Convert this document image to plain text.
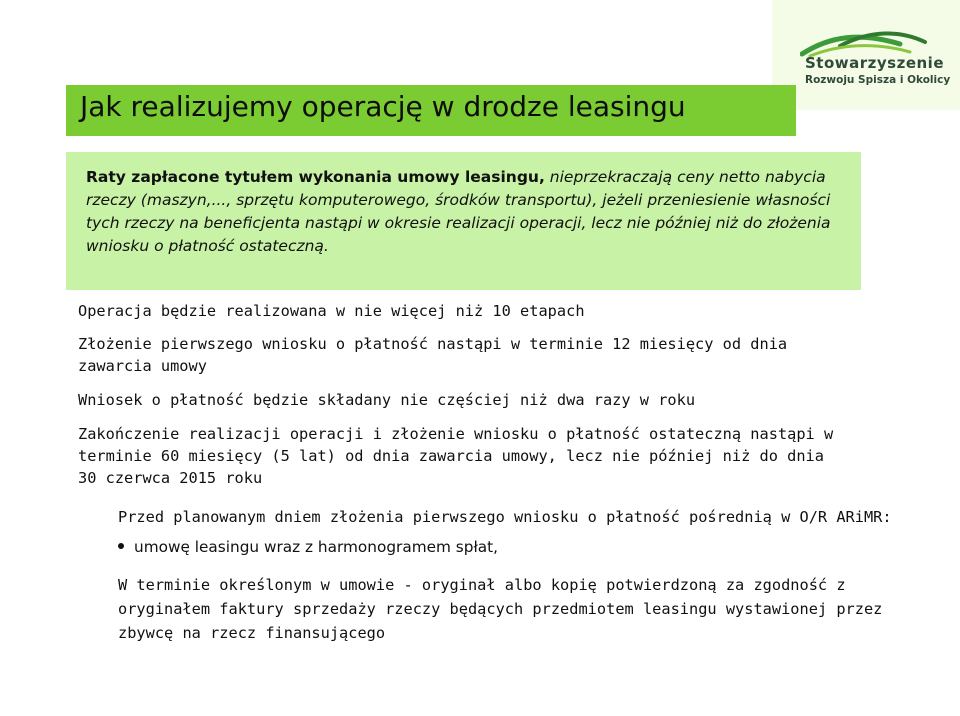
Stowarzyszenie
Rozwoju Spisza i Okolicy
Jak realizujemy operację w drodze leasingu

Raty zapłacone tytułem wykonania umowy leasingu, nieprzekraczają ceny netto nabycia rzeczy (maszyn,..., sprzętu komputerowego, środków transportu), jeżeli przeniesienie własności tych rzeczy na beneficjenta nastąpi w okresie realizacji operacji, lecz nie później niż do złożenia wniosku o płatność ostateczną.

Operacja będzie realizowana w nie więcej niż 10 etapach

Złożenie pierwszego wniosku o płatność nastąpi w terminie 12 miesięcy od dnia zawarcia umowy

Wniosek o płatność będzie składany nie częściej niż dwa razy w roku

Zakończenie realizacji operacji i złożenie wniosku o płatność ostateczną nastąpi w terminie 60 miesięcy (5 lat) od dnia zawarcia umowy, lecz nie później niż do dnia 30 czerwca 2015 roku

Przed planowanym dniem złożenia pierwszego wniosku o płatność pośrednią w O/R ARiMR:

umowę leasingu wraz z harmonogramem spłat,

W terminie określonym w umowie - oryginał albo kopię potwierdzoną za zgodność z oryginałem faktury sprzedaży rzeczy będących przedmiotem leasingu wystawionej przez zbywcę na rzecz finansującego
